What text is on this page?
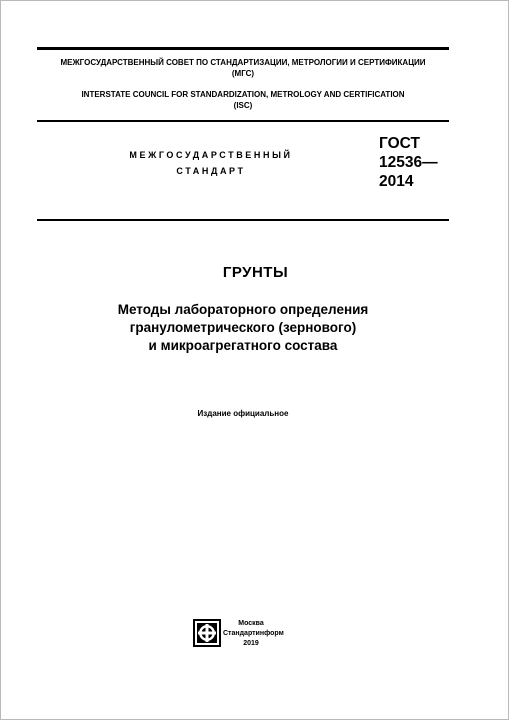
МЕЖГОСУДАРСТВЕННЫЙ СОВЕТ ПО СТАНДАРТИЗАЦИИ, МЕТРОЛОГИИ И СЕРТИФИКАЦИИ
(МГС)

INTERSTATE COUNCIL FOR STANDARDIZATION, METROLOGY AND CERTIFICATION
(ISC)

МЕЖГОСУДАРСТВЕННЫЙ
СТАНДАРТ

ГОСТ
12536—
2014

ГРУНТЫ

Методы лабораторного определения
гранулометрического (зернового)
и микроагрегатного состава

Издание официальное

Москва
Стандартинформ
2019
